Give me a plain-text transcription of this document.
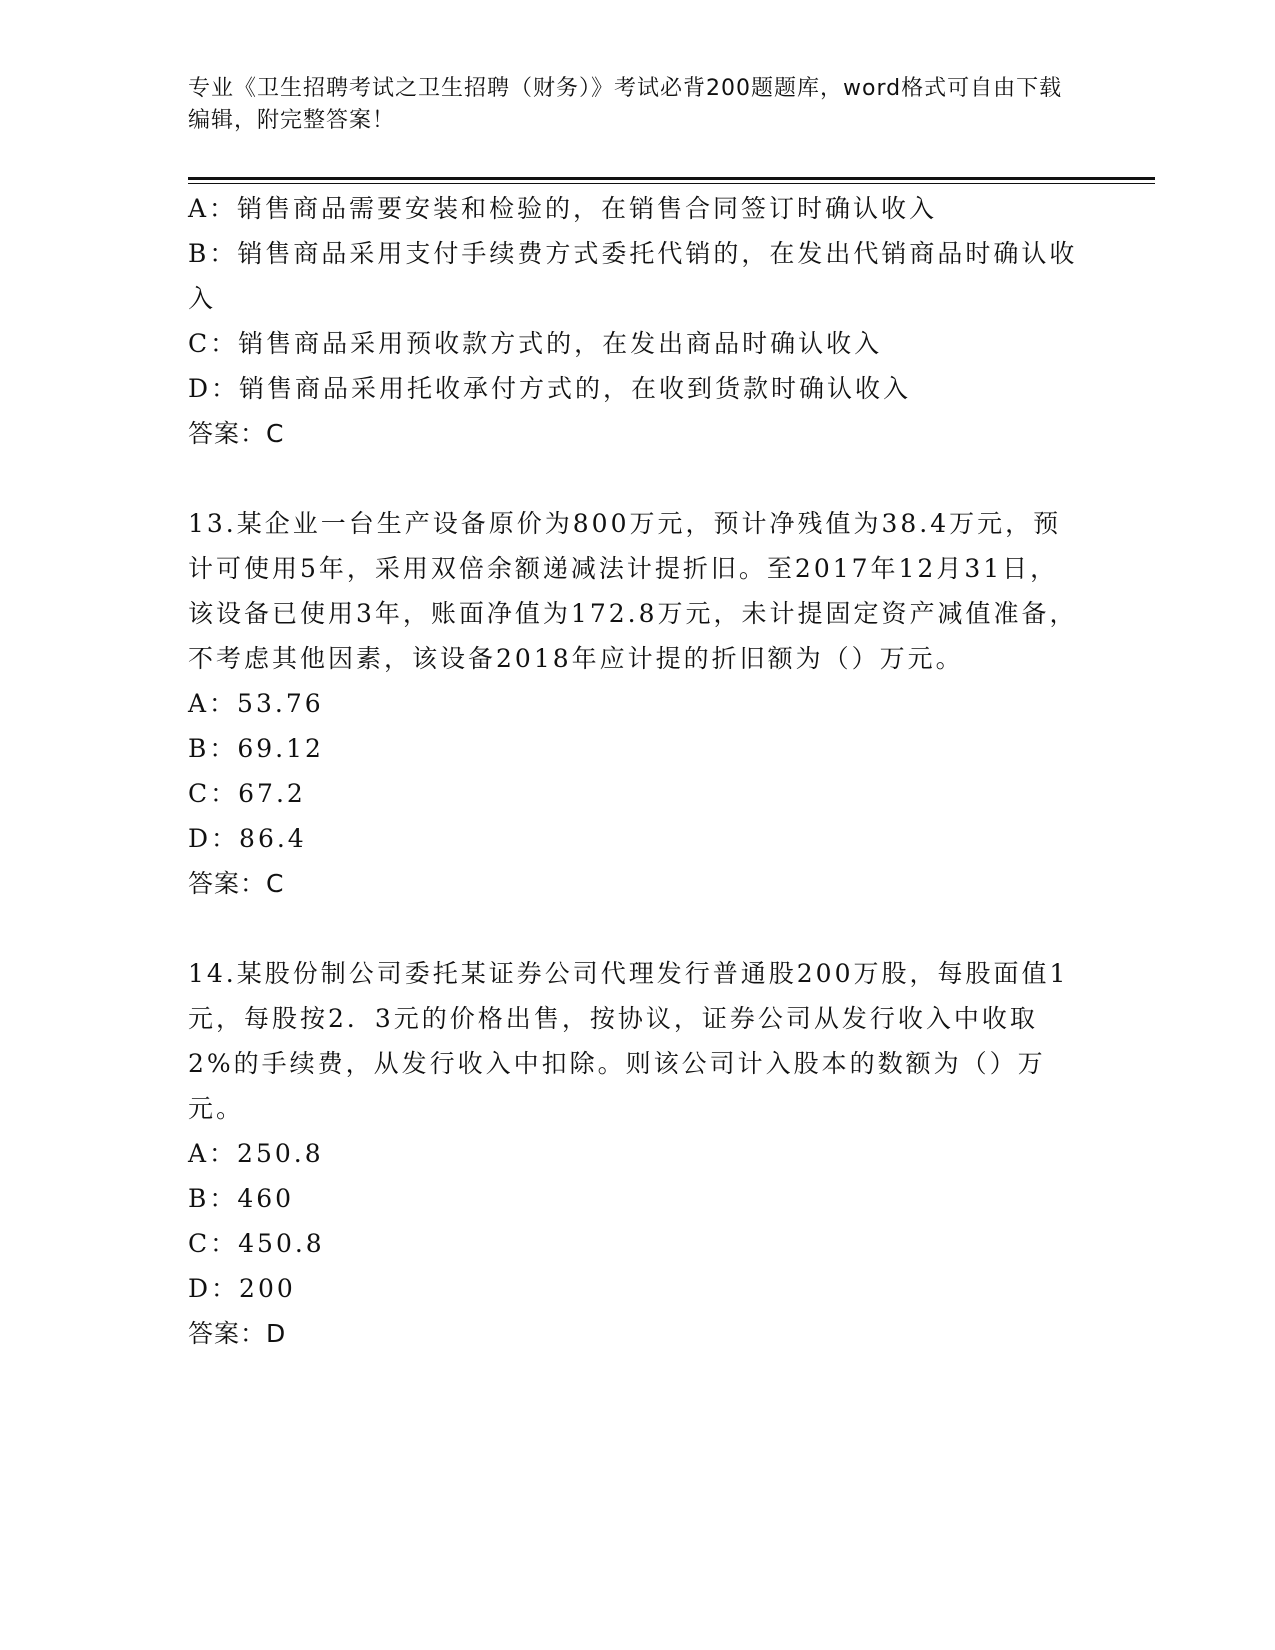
专业《卫生招聘考试之卫生招聘（财务）》考试必背200题题库，word格式可自由下载编辑，附完整答案！
A：销售商品需要安装和检验的，在销售合同签订时确认收入
B：销售商品采用支付手续费方式委托代销的，在发出代销商品时确认收入
C：销售商品采用预收款方式的，在发出商品时确认收入
D：销售商品采用托收承付方式的，在收到货款时确认收入
答案：C
13.某企业一台生产设备原价为800万元，预计净残值为38.4万元，预计可使用5年，采用双倍余额递减法计提折旧。至2017年12月31日，该设备已使用3年，账面净值为172.8万元，未计提固定资产减值准备，不考虑其他因素，该设备2018年应计提的折旧额为（）万元。
A：53.76
B：69.12
C：67.2
D：86.4
答案：C
14.某股份制公司委托某证券公司代理发行普通股200万股，每股面值1元，每股按2．3元的价格出售，按协议，证券公司从发行收入中收取2%的手续费，从发行收入中扣除。则该公司计入股本的数额为（）万元。
A：250.8
B：460
C：450.8
D：200
答案：D
